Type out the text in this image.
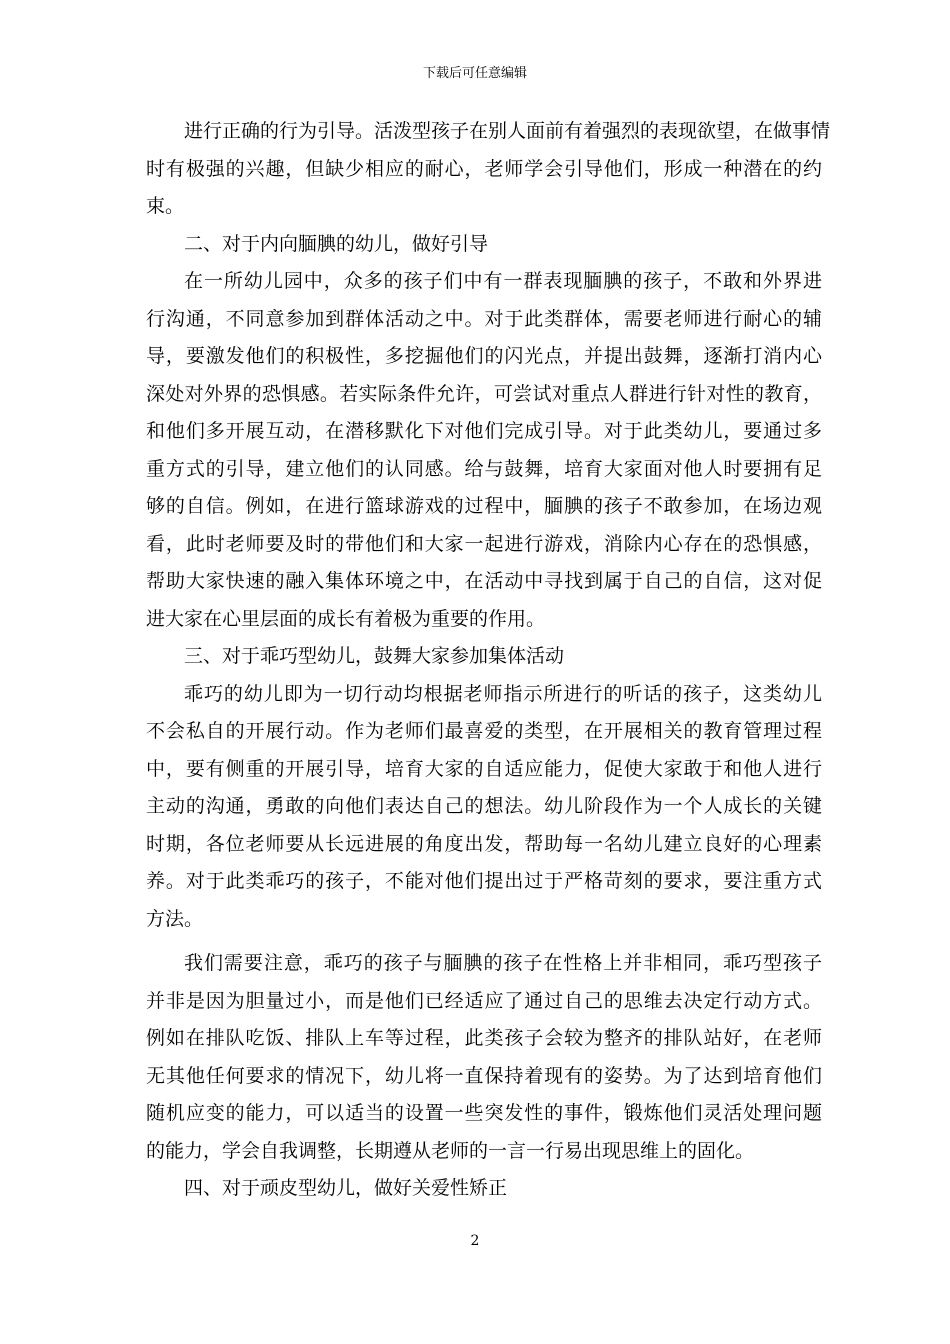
下载后可任意编辑
进行正确的行为引导。活泼型孩子在别人面前有着强烈的表现欲望，在做事情
时有极强的兴趣，但缺少相应的耐心，老师学会引导他们，形成一种潜在的约
束。
二、对于内向腼腆的幼儿，做好引导
在一所幼儿园中，众多的孩子们中有一群表现腼腆的孩子，不敢和外界进
行沟通，不同意参加到群体活动之中。对于此类群体，需要老师进行耐心的辅
导，要激发他们的积极性，多挖掘他们的闪光点，并提出鼓舞，逐渐打消内心
深处对外界的恐惧感。若实际条件允许，可尝试对重点人群进行针对性的教育，
和他们多开展互动，在潜移默化下对他们完成引导。对于此类幼儿，要通过多
重方式的引导，建立他们的认同感。给与鼓舞，培育大家面对他人时要拥有足
够的自信。例如，在进行篮球游戏的过程中，腼腆的孩子不敢参加，在场边观
看，此时老师要及时的带他们和大家一起进行游戏，消除内心存在的恐惧感，
帮助大家快速的融入集体环境之中，在活动中寻找到属于自己的自信，这对促
进大家在心里层面的成长有着极为重要的作用。
三、对于乖巧型幼儿，鼓舞大家参加集体活动
乖巧的幼儿即为一切行动均根据老师指示所进行的听话的孩子，这类幼儿
不会私自的开展行动。作为老师们最喜爱的类型，在开展相关的教育管理过程
中，要有侧重的开展引导，培育大家的自适应能力，促使大家敢于和他人进行
主动的沟通，勇敢的向他们表达自己的想法。幼儿阶段作为一个人成长的关键
时期，各位老师要从长远进展的角度出发，帮助每一名幼儿建立良好的心理素
养。对于此类乖巧的孩子，不能对他们提出过于严格苛刻的要求，要注重方式
方法。
我们需要注意，乖巧的孩子与腼腆的孩子在性格上并非相同，乖巧型孩子
并非是因为胆量过小，而是他们已经适应了通过自己的思维去决定行动方式。
例如在排队吃饭、排队上车等过程，此类孩子会较为整齐的排队站好，在老师
无其他任何要求的情况下，幼儿将一直保持着现有的姿势。为了达到培育他们
随机应变的能力，可以适当的设置一些突发性的事件，锻炼他们灵活处理问题
的能力，学会自我调整，长期遵从老师的一言一行易出现思维上的固化。
四、对于顽皮型幼儿，做好关爱性矫正
2
